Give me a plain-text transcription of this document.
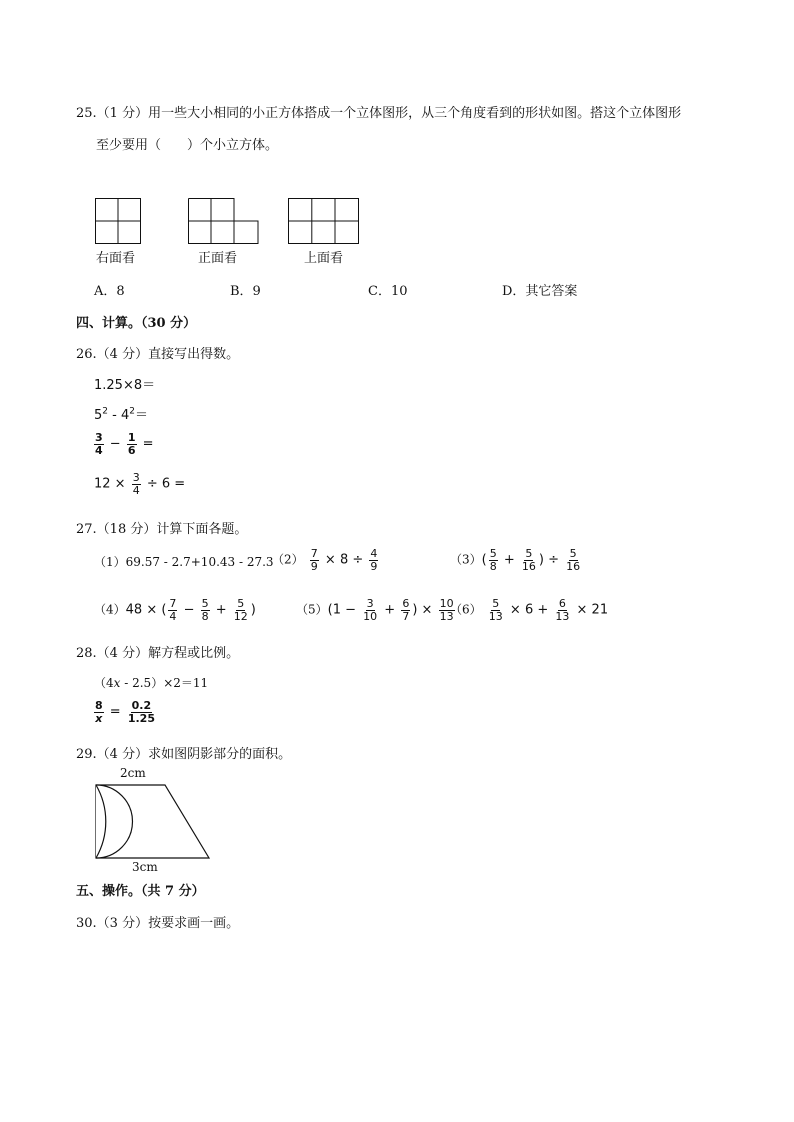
25.（1 分）用一些大小相同的小正方体搭成一个立体图形，从三个角度看到的形状如图。搭这个立体图形
至少要用（　　）个小立方体。
右面看	正面看	上面看
A．8	B．9	C．10	D．其它答案
四、计算。（30 分）
26.（4 分）直接写出得数。
1.25×8＝
$5^2 - 4^2=$
$\frac{3}{4} - \frac{1}{6}$ =
$12 \times \frac{3}{4} \div 6$ =
27.（18 分）计算下面各题。
（1）69.57 - 2.7+10.43 - 27.3
$(2) \frac{7}{9} \times 8 \div \frac{4}{9}$	$(3)( \frac{5}{8} + \frac{5}{16}$ ) ÷ $\frac{5}{16}$
（4）48 × ( $\frac{7}{4} - \frac{5}{8} + \frac{5}{12}$ )	$(5)(1 - \frac{3}{10} + \frac{6}{7}$ ) × $\frac{10}{13}$
$(6) \frac{5}{13} \times 6 + \frac{6}{13} \times 21$
28.（4 分）解方程或比例。
（4x - 2.5）×2＝11
$\frac{8}{x} = \frac{0.2}{1.25}$
29.（4 分）求如图阴影部分的面积。
2cm
3cm
五、操作。（共 7 分）
30.（3 分）按要求画一画。
